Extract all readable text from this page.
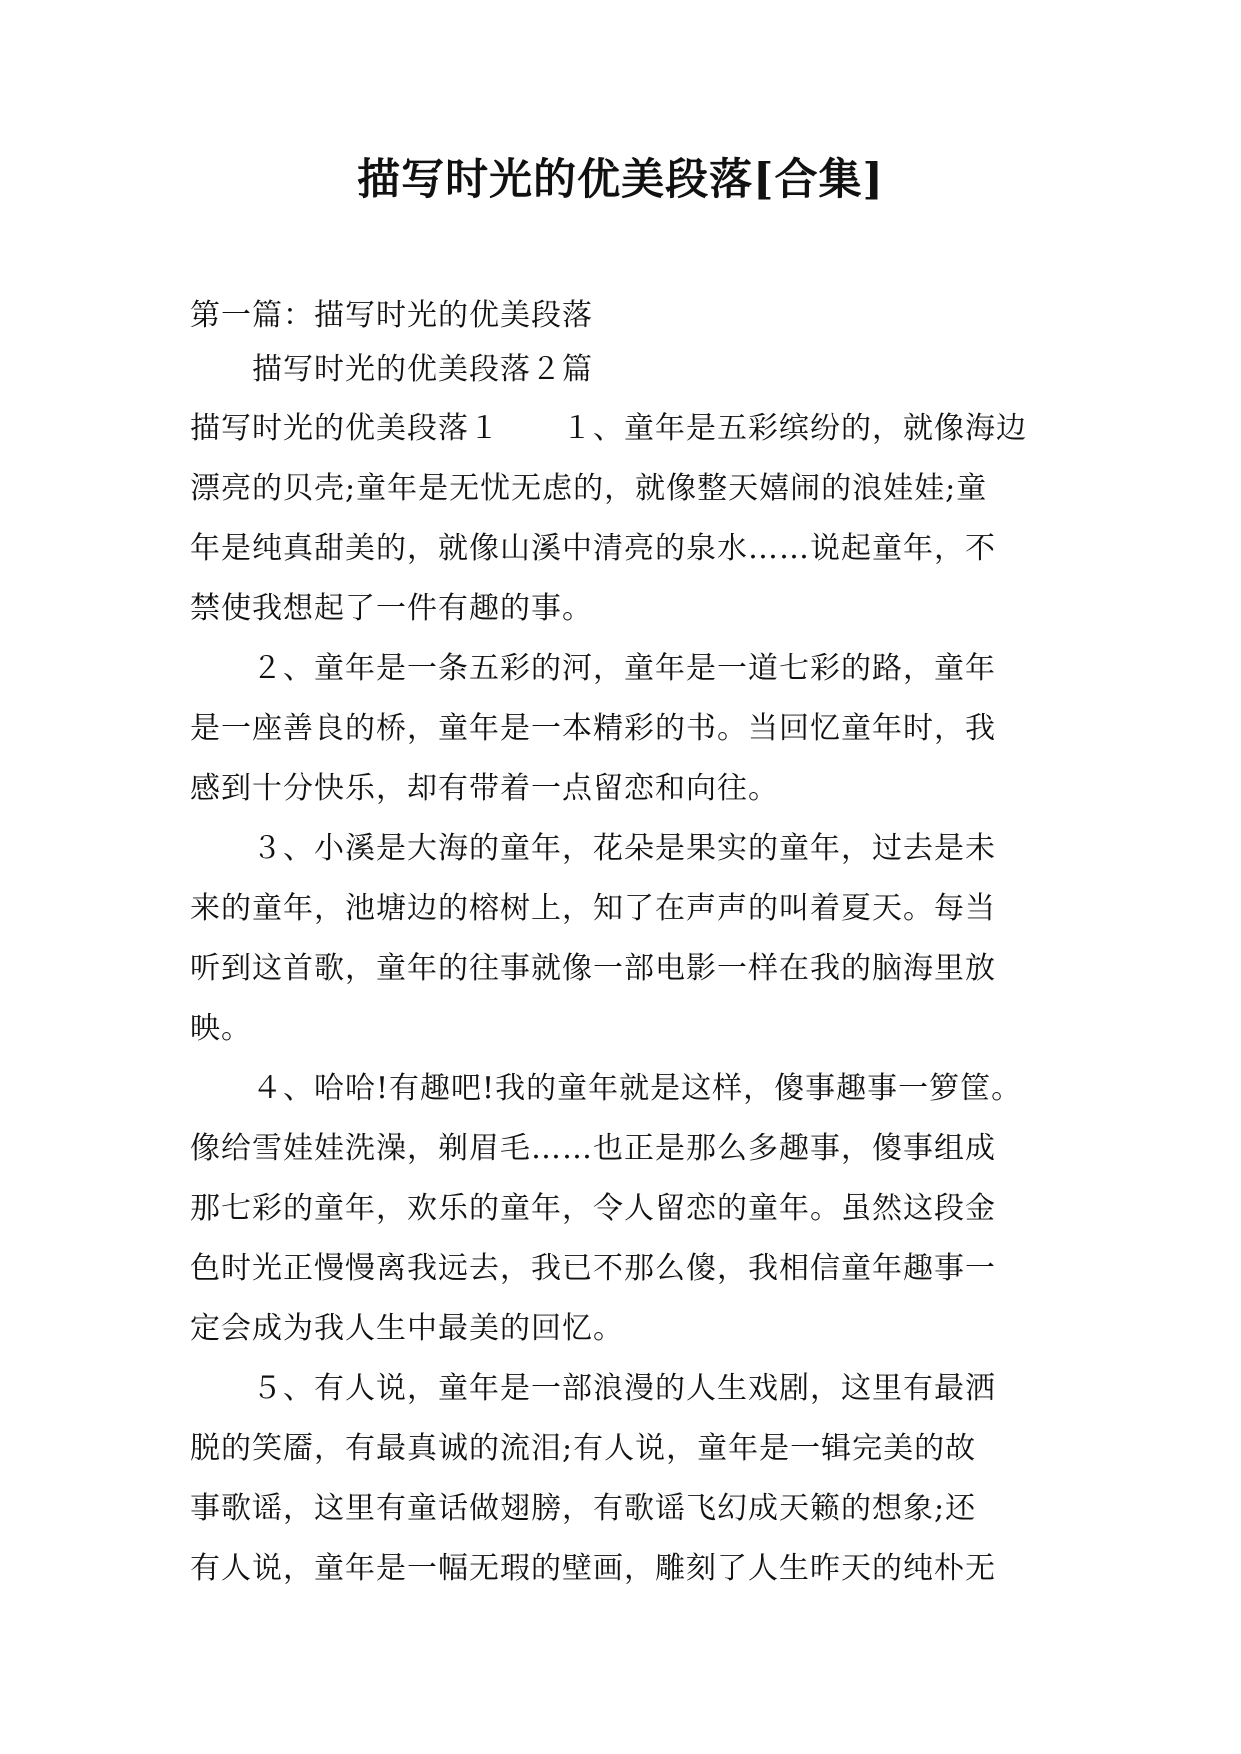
描写时光的优美段落[合集]
第一篇：描写时光的优美段落
　　描写时光的优美段落２篇
描写时光的优美段落１　　１、童年是五彩缤纷的，就像海边
漂亮的贝壳;童年是无忧无虑的，就像整天嬉闹的浪娃娃;童
年是纯真甜美的，就像山溪中清亮的泉水……说起童年，不
禁使我想起了一件有趣的事。
　　２、童年是一条五彩的河，童年是一道七彩的路，童年
是一座善良的桥，童年是一本精彩的书。当回忆童年时，我
感到十分快乐，却有带着一点留恋和向往。
　　３、小溪是大海的童年，花朵是果实的童年，过去是未
来的童年，池塘边的榕树上，知了在声声的叫着夏天。每当
听到这首歌，童年的往事就像一部电影一样在我的脑海里放
映。
　　４、哈哈!有趣吧!我的童年就是这样，傻事趣事一箩筐。
像给雪娃娃洗澡，剃眉毛……也正是那么多趣事，傻事组成
那七彩的童年，欢乐的童年，令人留恋的童年。虽然这段金
色时光正慢慢离我远去，我已不那么傻，我相信童年趣事一
定会成为我人生中最美的回忆。
　　５、有人说，童年是一部浪漫的人生戏剧，这里有最洒
脱的笑靥，有最真诚的流泪;有人说，童年是一辑完美的故
事歌谣，这里有童话做翅膀，有歌谣飞幻成天籁的想象;还
有人说，童年是一幅无瑕的壁画，雕刻了人生昨天的纯朴无
